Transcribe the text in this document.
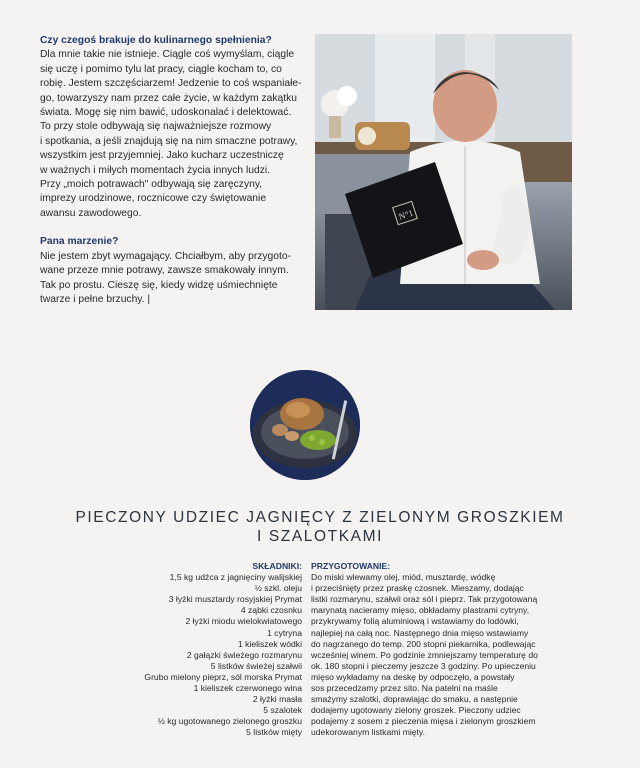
Czy czegoś brakuje do kulinarnego spełnienia?

Dla mnie takie nie istnieje. Ciągle coś wymyślam, ciągle

się uczę i pomimo tylu lat pracy, ciągle kocham to, co

robię. Jestem szczęściarzem! Jedzenie to coś wspaniałe-

go, towarzyszy nam przez całe życie, w każdym zakątku

świata. Mogę się nim bawić, udoskonalać i delektować.

To przy stole odbywają się najważniejsze rozmowy

i spotkania, a jeśli znajdują się na nim smaczne potrawy,

wszystkim jest przyjemniej. Jako kucharz uczestniczę

w ważnych i miłych momentach życia innych ludzi.

Przy „moich potrawach" odbywają się zaręczyny,

imprezy urodzinowe, rocznicowe czy świętowanie

awansu zawodowego.

Pana marzenie?

Nie jestem zbyt wymagający. Chciałbym, aby przygoto-

wane przeze mnie potrawy, zawsze smakowały innym.

Tak po prostu. Cieszę się, kiedy widzę uśmiechnięte

twarze i pełne brzuchy. |

N°1
PIECZONY UDZIEC JAGNIĘCY Z ZIELONYM GROSZKIEM
I SZALOTKAMI
SKŁADNIKI:
1,5 kg udźca z jagnięciny walijskiej
½ szkl. oleju
3 łyżki musztardy rosyjskiej Prymat
4 ząbki czosnku
2 łyżki miodu wielokwiatowego
1 cytryna
1 kieliszek wódki
2 gałązki świeżego rozmarynu
5 listków świeżej szałwii
Grubo mielony pieprz, sól morska Prymat
1 kieliszek czerwonego wina
2 łyżki masła
5 szalotek
½ kg ugotowanego zielonego groszku
5 listków mięty
PRZYGOTOWANIE:
Do miski wlewamy olej, miód, musztardę, wódkę
i przeciśnięty przez praskę czosnek. Mieszamy, dodając
listki rozmarynu, szałwii oraz sól i pieprz. Tak przygotowaną
marynatą nacieramy mięso, obkładamy plastrami cytryny,
przykrywamy folią aluminiową i wstawiamy do lodówki,
najlepiej na całą noc. Następnego dnia mięso wstawiamy
do nagrzanego do temp. 200 stopni piekarnika, podlewając
wcześniej winem. Po godzinie zmniejszamy temperaturę do
ok. 180 stopni i pieczemy jeszcze 3 godziny. Po upieczeniu
mięso wykładamy na deskę by odpoczęło, a powstały
sos przecedzamy przez sito. Na patelni na maśle
smażymy szalotki, doprawiając do smaku, a następnie
dodajemy ugotowany zielony groszek. Pieczony udziec
podajemy z sosem z pieczenia mięsa i zielonym groszkiem
udekorowanym listkami mięty.
